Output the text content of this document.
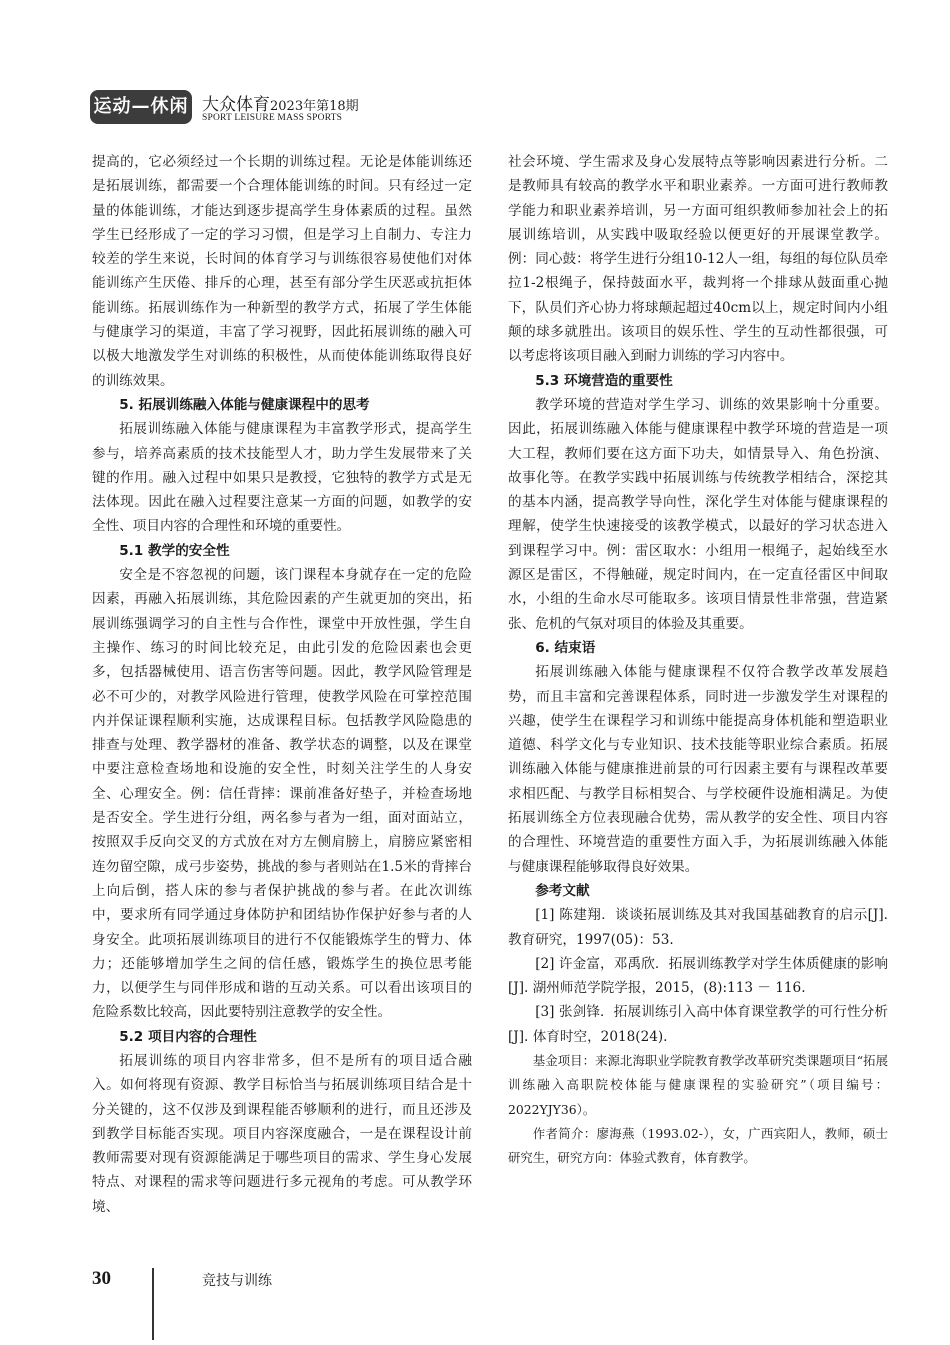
运动—休闲 大众体育2023年第18期
SPORT LEISURE MASS SPORTS

提高的，它必须经过一个长期的训练过程。无论是体能训练还是拓展训练，都需要一个合理体能训练的时间。只有经过一定量的体能训练，才能达到逐步提高学生身体素质的过程。虽然学生已经形成了一定的学习习惯，但是学习上自制力、专注力较差的学生来说，长时间的体育学习与训练很容易使他们对体能训练产生厌倦、排斥的心理，甚至有部分学生厌恶或抗拒体能训练。拓展训练作为一种新型的教学方式，拓展了学生体能与健康学习的渠道，丰富了学习视野，因此拓展训练的融入可以极大地激发学生对训练的积极性，从而使体能训练取得良好的训练效果。

5. 拓展训练融入体能与健康课程中的思考

拓展训练融入体能与健康课程为丰富教学形式，提高学生参与，培养高素质的技术技能型人才，助力学生发展带来了关键的作用。融入过程中如果只是教授，它独特的教学方式是无法体现。因此在融入过程要注意某一方面的问题，如教学的安全性、项目内容的合理性和环境的重要性。

5.1 教学的安全性

安全是不容忽视的问题，该门课程本身就存在一定的危险因素，再融入拓展训练，其危险因素的产生就更加的突出，拓展训练强调学习的自主性与合作性，课堂中开放性强，学生自主操作、练习的时间比较充足，由此引发的危险因素也会更多，包括器械使用、语言伤害等问题。因此，教学风险管理是必不可少的，对教学风险进行管理，使教学风险在可掌控范围内并保证课程顺利实施，达成课程目标。包括教学风险隐患的排查与处理、教学器材的准备、教学状态的调整，以及在课堂中要注意检查场地和设施的安全性，时刻关注学生的人身安全、心理安全。例：信任背摔：课前准备好垫子，并检查场地是否安全。学生进行分组，两名参与者为一组，面对面站立，按照双手反向交叉的方式放在对方左侧肩膀上，肩膀应紧密相连勿留空隙，成弓步姿势，挑战的参与者则站在1.5米的背摔台上向后倒，搭人床的参与者保护挑战的参与者。在此次训练中，要求所有同学通过身体防护和团结协作保护好参与者的人身安全。此项拓展训练项目的进行不仅能锻炼学生的臂力、体力；还能够增加学生之间的信任感，锻炼学生的换位思考能力，以便学生与同伴形成和谐的互动关系。可以看出该项目的危险系数比较高，因此要特别注意教学的安全性。

5.2 项目内容的合理性

拓展训练的项目内容非常多，但不是所有的项目适合融入。如何将现有资源、教学目标恰当与拓展训练项目结合是十分关键的，这不仅涉及到课程能否够顺利的进行，而且还涉及到教学目标能否实现。项目内容深度融合，一是在课程设计前教师需要对现有资源能满足于哪些项目的需求、学生身心发展特点、对课程的需求等问题进行多元视角的考虑。可从教学环境、

社会环境、学生需求及身心发展特点等影响因素进行分析。二是教师具有较高的教学水平和职业素养。一方面可进行教师教学能力和职业素养培训，另一方面可组织教师参加社会上的拓展训练培训，从实践中吸取经验以便更好的开展课堂教学。例：同心鼓：将学生进行分组10-12人一组，每组的每位队员牵拉1-2根绳子，保持鼓面水平，裁判将一个排球从鼓面重心抛下，队员们齐心协力将球颠起超过40cm以上，规定时间内小组颠的球多就胜出。该项目的娱乐性、学生的互动性都很强，可以考虑将该项目融入到耐力训练的学习内容中。

5.3 环境营造的重要性

教学环境的营造对学生学习、训练的效果影响十分重要。因此，拓展训练融入体能与健康课程中教学环境的营造是一项大工程，教师们要在这方面下功夫，如情景导入、角色扮演、故事化等。在教学实践中拓展训练与传统教学相结合，深挖其的基本内涵，提高教学导向性，深化学生对体能与健康课程的理解，使学生快速接受的该教学模式，以最好的学习状态进入到课程学习中。例：雷区取水：小组用一根绳子，起始线至水源区是雷区，不得触碰，规定时间内，在一定直径雷区中间取水，小组的生命水尽可能取多。该项目情景性非常强，营造紧张、危机的气氛对项目的体验及其重要。

6. 结束语

拓展训练融入体能与健康课程不仅符合教学改革发展趋势，而且丰富和完善课程体系，同时进一步激发学生对课程的兴趣，使学生在课程学习和训练中能提高身体机能和塑造职业道德、科学文化与专业知识、技术技能等职业综合素质。拓展训练融入体能与健康推进前景的可行因素主要有与课程改革要求相匹配、与教学目标相契合、与学校硬件设施相满足。为使拓展训练全方位表现融合优势，需从教学的安全性、项目内容的合理性、环境营造的重要性方面入手，为拓展训练融入体能与健康课程能够取得良好效果。

参考文献

[1] 陈建翔．谈谈拓展训练及其对我国基础教育的启示[J]. 教育研究，1997(05)：53.

[2] 许金富，邓禹欣．拓展训练教学对学生体质健康的影响[J]. 湖州师范学院学报，2015，(8):113 － 116.

[3] 张剑锋．拓展训练引入高中体育课堂教学的可行性分析[J]. 体育时空，2018(24).

基金项目：来源北海职业学院教育教学改革研究类课题项目“拓展训练融入高职院校体能与健康课程的实验研究”（项目编号：2022YJY36）。

作者简介：廖海燕（1993.02-），女，广西宾阳人，教师，硕士研究生，研究方向：体验式教育，体育教学。

30	竞技与训练
